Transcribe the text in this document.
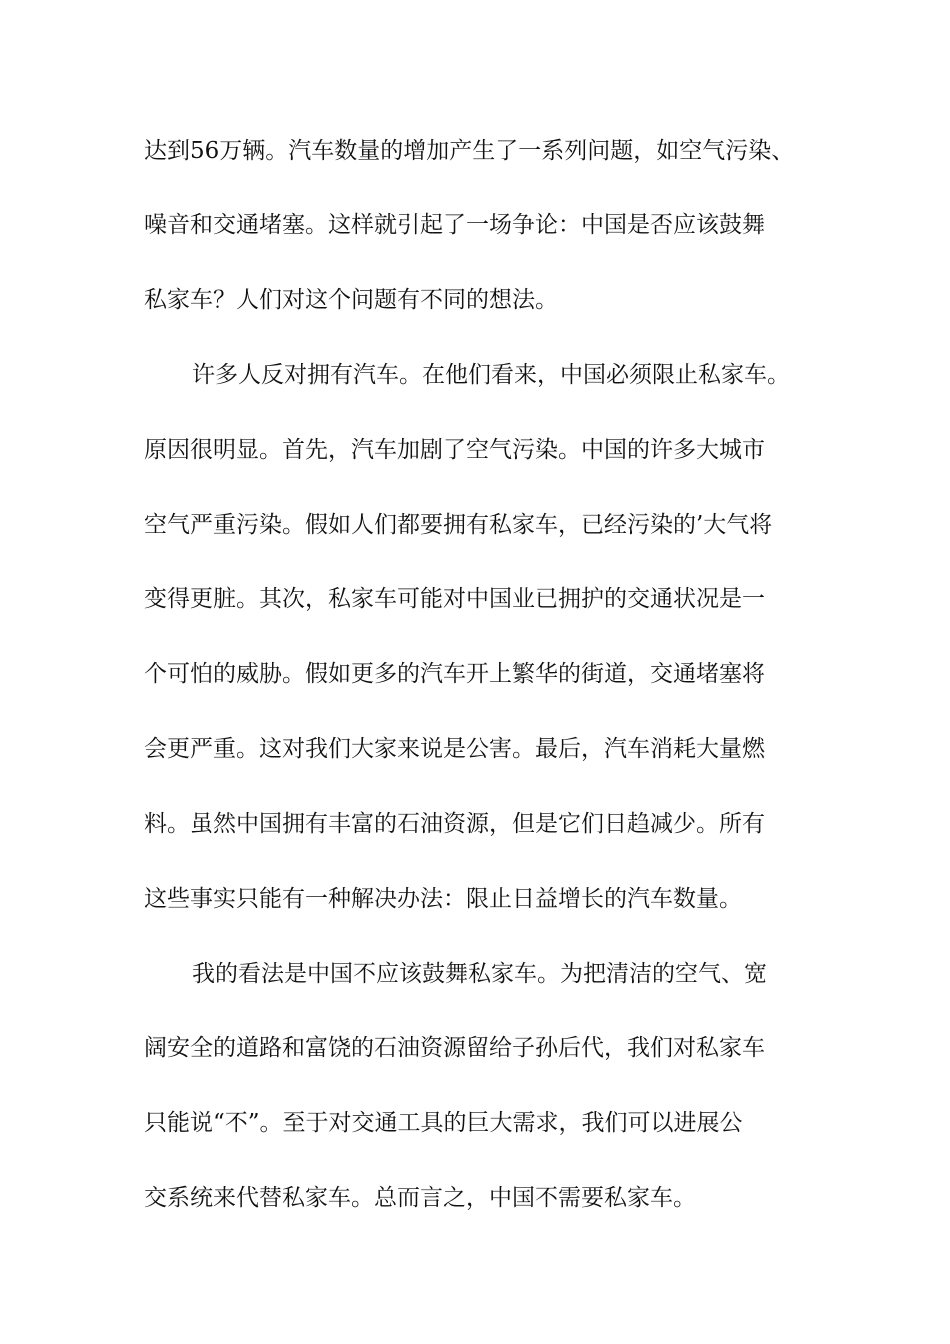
达到56万辆。汽车数量的增加产生了一系列问题，如空气污染、
噪音和交通堵塞。这样就引起了一场争论：中国是否应该鼓舞
私家车？人们对这个问题有不同的想法。
许多人反对拥有汽车。在他们看来，中国必须限止私家车。
原因很明显。首先，汽车加剧了空气污染。中国的许多大城市
空气严重污染。假如人们都要拥有私家车，已经污染的’大气将
变得更脏。其次，私家车可能对中国业已拥护的交通状况是一
个可怕的威胁。假如更多的汽车开上繁华的街道，交通堵塞将
会更严重。这对我们大家来说是公害。最后，汽车消耗大量燃
料。虽然中国拥有丰富的石油资源，但是它们日趋减少。所有
这些事实只能有一种解决办法：限止日益增长的汽车数量。
我的看法是中国不应该鼓舞私家车。为把清洁的空气、宽
阔安全的道路和富饶的石油资源留给子孙后代，我们对私家车
只能说“不”。至于对交通工具的巨大需求，我们可以进展公
交系统来代替私家车。总而言之，中国不需要私家车。
